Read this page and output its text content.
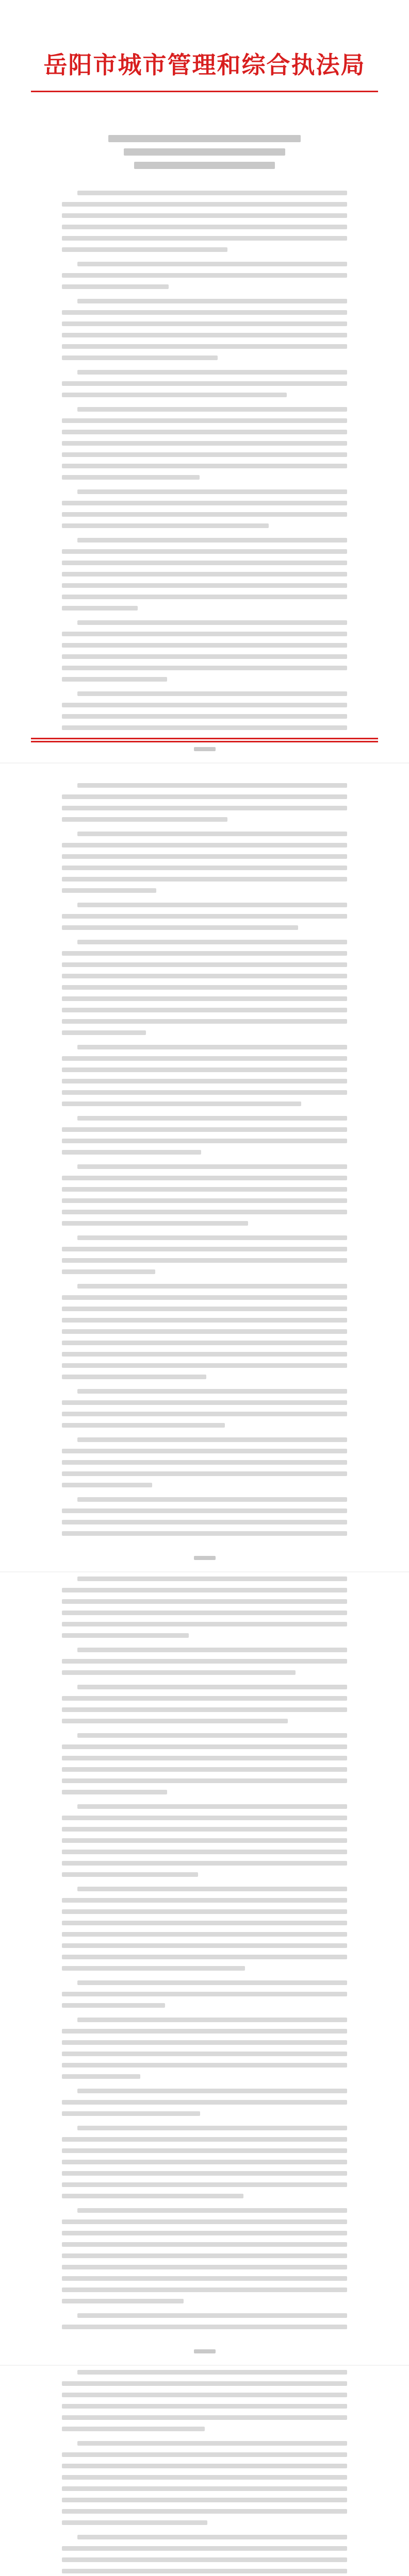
岳阳市城市管理和综合执法局
